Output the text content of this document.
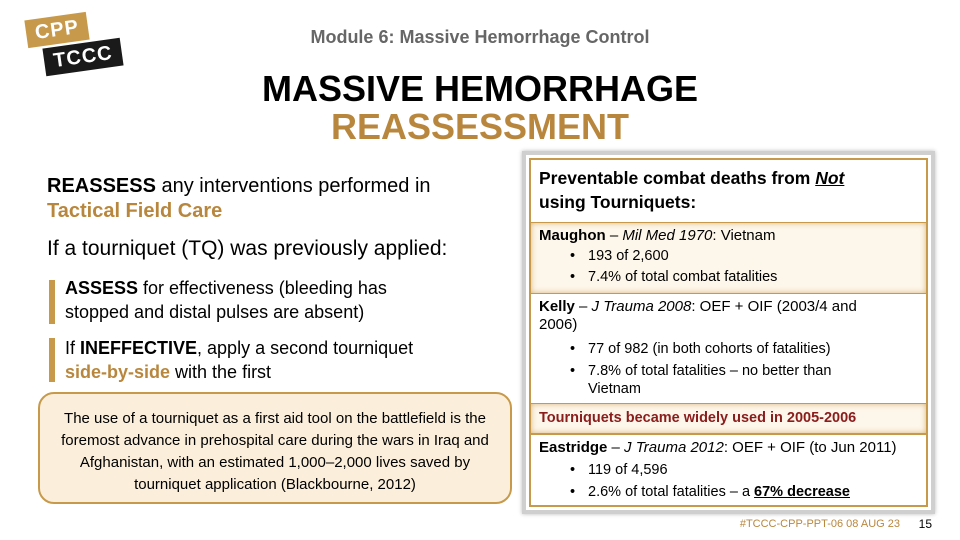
CPP
TCCC
Module 6: Massive Hemorrhage Control
MASSIVE HEMORRHAGE
REASSESSMENT
REASSESS any interventions performed in
Tactical Field Care
If a tourniquet (TQ) was previously applied:
ASSESS for effectiveness (bleeding has
stopped and distal pulses are absent)
If INEFFECTIVE, apply a second tourniquet
side-by-side with the first
The use of a tourniquet as a first aid tool on the battlefield is the foremost advance in prehospital care during the wars in Iraq and Afghanistan, with an estimated 1,000–2,000 lives saved by tourniquet application (Blackbourne, 2012)
Preventable combat deaths from Not
using Tourniquets:
Maughon – Mil Med 1970: Vietnam
• 193 of 2,600
• 7.4% of total combat fatalities
Kelly – J Trauma 2008: OEF + OIF (2003/4 and 2006)
• 77 of 982 (in both cohorts of fatalities)
• 7.8% of total fatalities – no better than Vietnam
Tourniquets became widely used in 2005-2006
Eastridge – J Trauma 2012: OEF + OIF (to Jun 2011)
• 119 of 4,596
• 2.6% of total fatalities – a 67% decrease
#TCCC-CPP-PPT-06 08 AUG 23 15
